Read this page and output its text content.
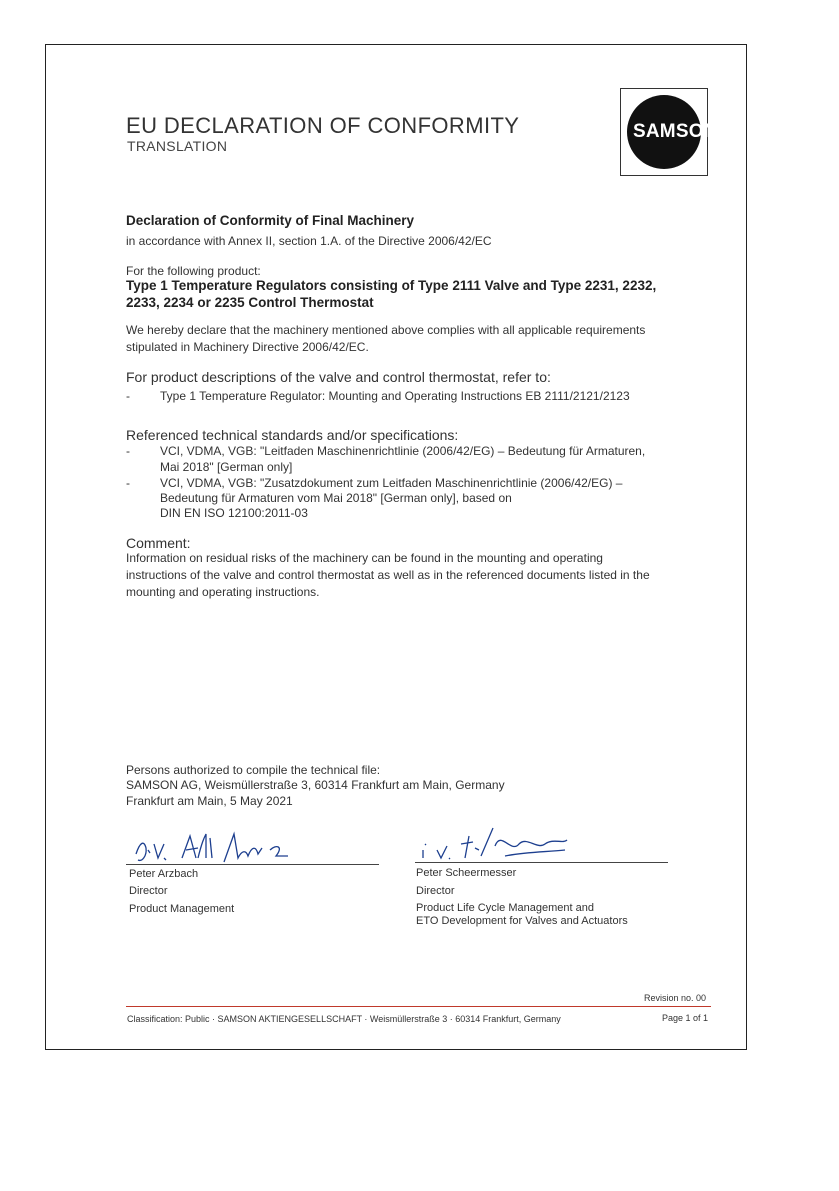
EU DECLARATION OF CONFORMITY
TRANSLATION
SAMSON
Declaration of Conformity of Final Machinery
in accordance with Annex II, section 1.A. of the Directive 2006/42/EC
For the following product:
Type 1 Temperature Regulators consisting of Type 2111 Valve and Type 2231, 2232,
2233, 2234 or 2235 Control Thermostat
We hereby declare that the machinery mentioned above complies with all applicable requirements
stipulated in Machinery Directive 2006/42/EC.
For product descriptions of the valve and control thermostat, refer to:
-	Type 1 Temperature Regulator: Mounting and Operating Instructions EB 2111/2121/2123
Referenced technical standards and/or specifications:
-	VCI, VDMA, VGB: "Leitfaden Maschinenrichtlinie (2006/42/EG) – Bedeutung für Armaturen,
Mai 2018" [German only]
-	VCI, VDMA, VGB: "Zusatzdokument zum Leitfaden Maschinenrichtlinie (2006/42/EG) –
Bedeutung für Armaturen vom Mai 2018" [German only], based on
DIN EN ISO 12100:2011-03
Comment:
Information on residual risks of the machinery can be found in the mounting and operating
instructions of the valve and control thermostat as well as in the referenced documents listed in the
mounting and operating instructions.
Persons authorized to compile the technical file:
SAMSON AG, Weismüllerstraße 3, 60314 Frankfurt am Main, Germany
Frankfurt am Main, 5 May 2021
Peter Arzbach
Director
Product Management
Peter Scheermesser
Director
Product Life Cycle Management and
ETO Development for Valves and Actuators
Revision no. 00
Classification: Public · SAMSON AKTIENGESELLSCHAFT · Weismüllerstraße 3 · 60314 Frankfurt, Germany	Page 1 of 1
